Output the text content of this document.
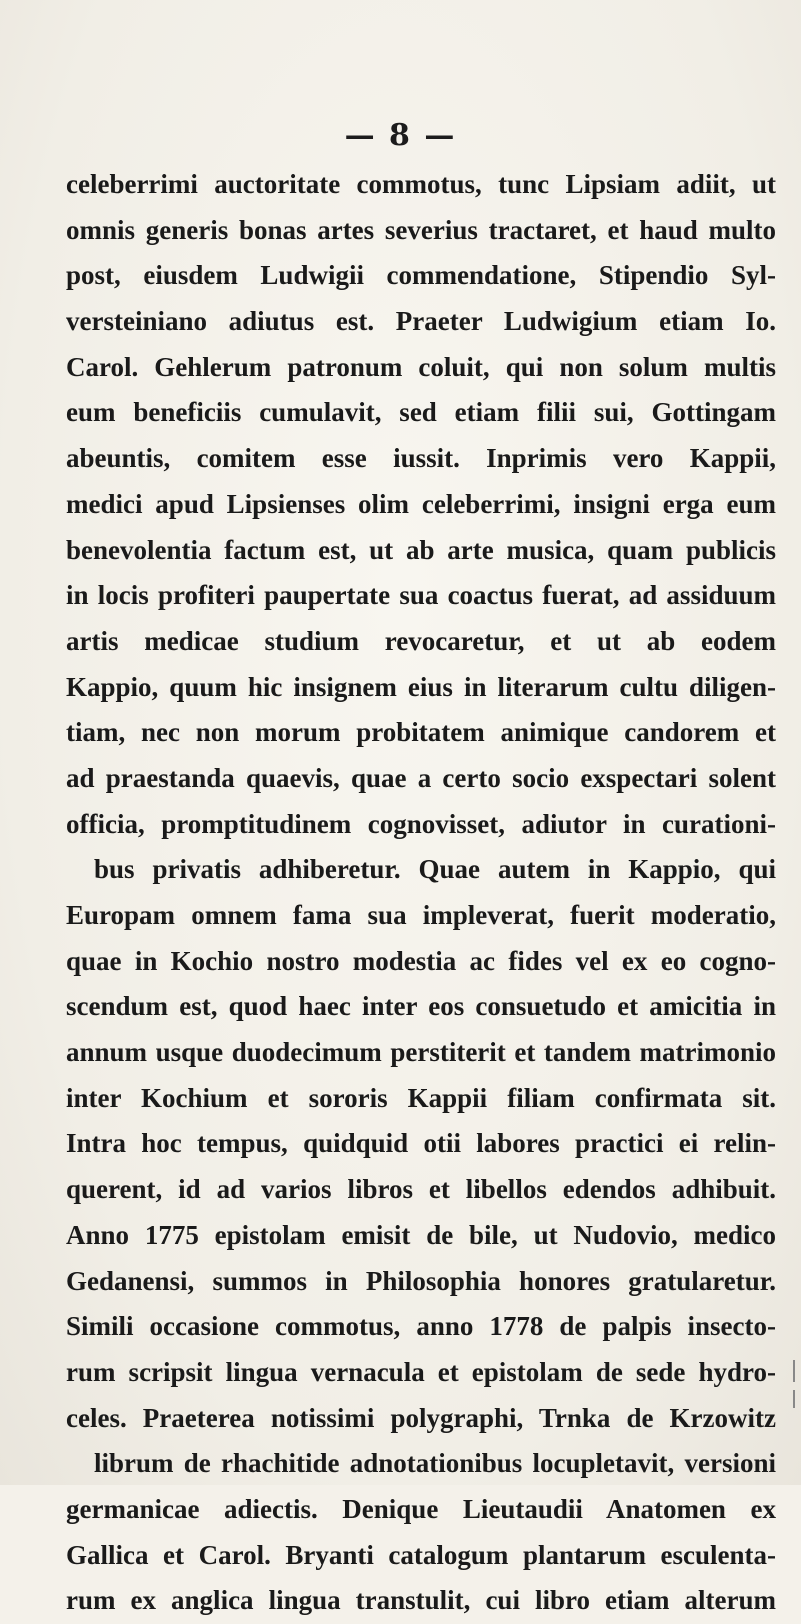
— 8 —
celeberrimi auctoritate commotus, tunc Lipsiam adiit, ut
omnis generis bonas artes severius tractaret, et haud multo
post, eiusdem Ludwigii commendatione, Stipendio Syl-
versteiniano adiutus est. Praeter Ludwigium etiam Io.
Carol. Gehlerum patronum coluit, qui non solum multis
eum beneficiis cumulavit, sed etiam filii sui, Gottingam
abeuntis, comitem esse iussit. Inprimis vero Kappii,
medici apud Lipsienses olim celeberrimi, insigni erga eum
benevolentia factum est, ut ab arte musica, quam publicis
in locis profiteri paupertate sua coactus fuerat, ad assiduum
artis medicae studium revocaretur, et ut ab eodem
Kappio, quum hic insignem eius in literarum cultu diligen-
tiam, nec non morum probitatem animique candorem et
ad praestanda quaevis, quae a certo socio exspectari solent
officia, promptitudinem cognovisset, adiutor in curationi-
bus privatis adhiberetur. Quae autem in Kappio, qui
Europam omnem fama sua impleverat, fuerit moderatio,
quae in Kochio nostro modestia ac fides vel ex eo cogno-
scendum est, quod haec inter eos consuetudo et amicitia in
annum usque duodecimum perstiterit et tandem matrimonio
inter Kochium et sororis Kappii filiam confirmata sit.
Intra hoc tempus, quidquid otii labores practici ei relin-
querent, id ad varios libros et libellos edendos adhibuit.
Anno 1775 epistolam emisit de bile, ut Nudovio, medico
Gedanensi, summos in Philosophia honores gratularetur.
Simili occasione commotus, anno 1778 de palpis insecto-
rum scripsit lingua vernacula et epistolam de sede hydro-
celes. Praeterea notissimi polygraphi, Trnka de Krzowitz
librum de rhachitide adnotationibus locupletavit, versioni
germanicae adiectis. Denique Lieutaudii Anatomen ex
Gallica et Carol. Bryanti catalogum plantarum esculenta-
rum ex anglica lingua transtulit, cui libro etiam alterum
